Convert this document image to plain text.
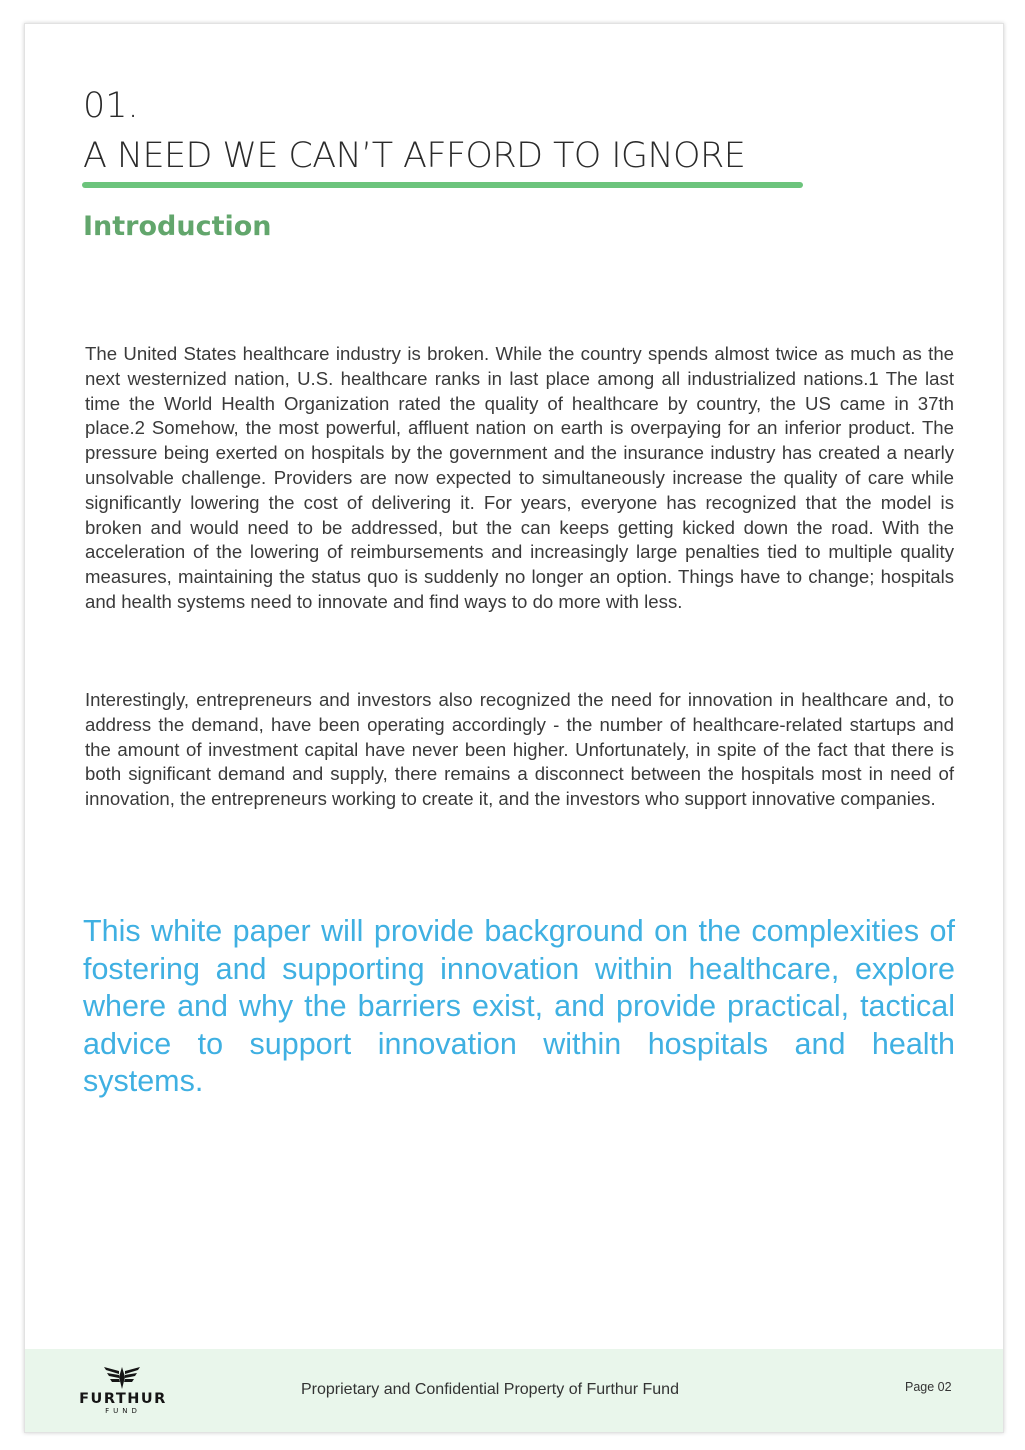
01.
A NEED WE CAN’T AFFORD TO IGNORE
Introduction

The United States healthcare industry is broken. While the country spends almost twice as much as the next westernized nation, U.S. healthcare ranks in last place among all industrialized nations.1 The last time the World Health Organization rated the quality of healthcare by country, the US came in 37th place.2 Somehow, the most powerful, affluent nation on earth is overpaying for an inferior product. The pressure being exerted on hospitals by the government and the insurance industry has created a nearly unsolvable challenge. Providers are now expected to simultaneously increase the quality of care while significantly lowering the cost of delivering it. For years, everyone has recognized that the model is broken and would need to be addressed, but the can keeps getting kicked down the road. With the acceleration of the lowering of reimbursements and increasingly large penalties tied to multiple quality measures, maintaining the status quo is suddenly no longer an option. Things have to change; hospitals and health systems need to innovate and find ways to do more with less.

Interestingly, entrepreneurs and investors also recognized the need for innovation in healthcare and, to address the demand, have been operating accordingly - the number of healthcare-related startups and the amount of investment capital have never been higher. Unfortunately, in spite of the fact that there is both significant demand and supply, there remains a disconnect between the hospitals most in need of innovation, the entrepreneurs working to create it, and the investors who support innovative companies.

This white paper will provide background on the complexities of fostering and supporting innovation within healthcare, explore where and why the barriers exist, and provide practical, tactical advice to support innovation within hospitals and health systems.

FURTHUR
FUND

Proprietary and Confidential Property of Furthur Fund	Page 02
